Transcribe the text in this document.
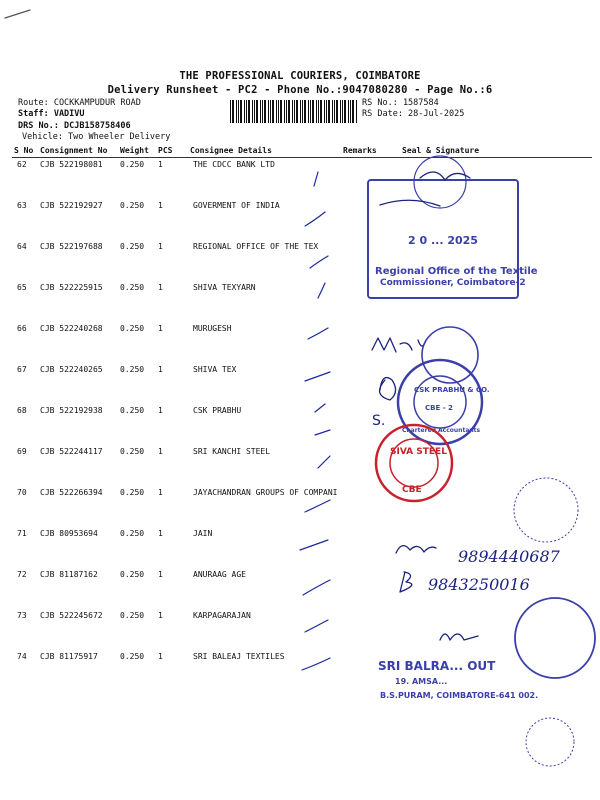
THE PROFESSIONAL COURIERS, COIMBATORE
Delivery Runsheet - PC2 - Phone No.:9047080280 - Page No.:6
Route: COCKKAMPUDUR ROAD
Staff: VADIVU
DRS No.: DCJB158758406
Vehicle: Two Wheeler Delivery
RS No.: 1587584
RS Date: 28-Jul-2025
S No Consignment No Weight PCS Consignee Details	Remarks	Seal & Signature
62 CJB 522198081 0.250 1	THE CDCC BANK LTD
63 CJB 522192927 0.250 1	GOVERMENT OF INDIA
64 CJB 522197688 0.250 1	REGIONAL OFFICE OF THE TEX
65 CJB 522225915 0.250 1	SHIVA TEXYARN
66 CJB 522240268 0.250 1	MURUGESH
67 CJB 522240265 0.250 1	SHIVA TEX
68 CJB 522192938 0.250 1	CSK PRABHU
69 CJB 522244117 0.250 1	SRI KANCHI STEEL
70 CJB 522266394 0.250 1	JAYACHANDRAN GROUPS OF COMPANI
71 CJB 80953694	0.250 1	JAIN
72 CJB 81187162	0.250 1	ANURAAG AGE
73 CJB 522245672 0.250 1	KARPAGARAJAN
74 CJB 81175917	0.250 1	SRI BALEAJ TEXTILES
Commissioner, Coimbatore-2
Regional Office of the Textile
2 0 ... 2025
S.
CSK PRABHU & CO.
CBE - 2
Chartered Accountants
SIVA STEEL
CBE
9894440687
9843250016
SRI BALRA... OUT
19. AMSA...
B.S.PURAM, COIMBATORE-641 002.
